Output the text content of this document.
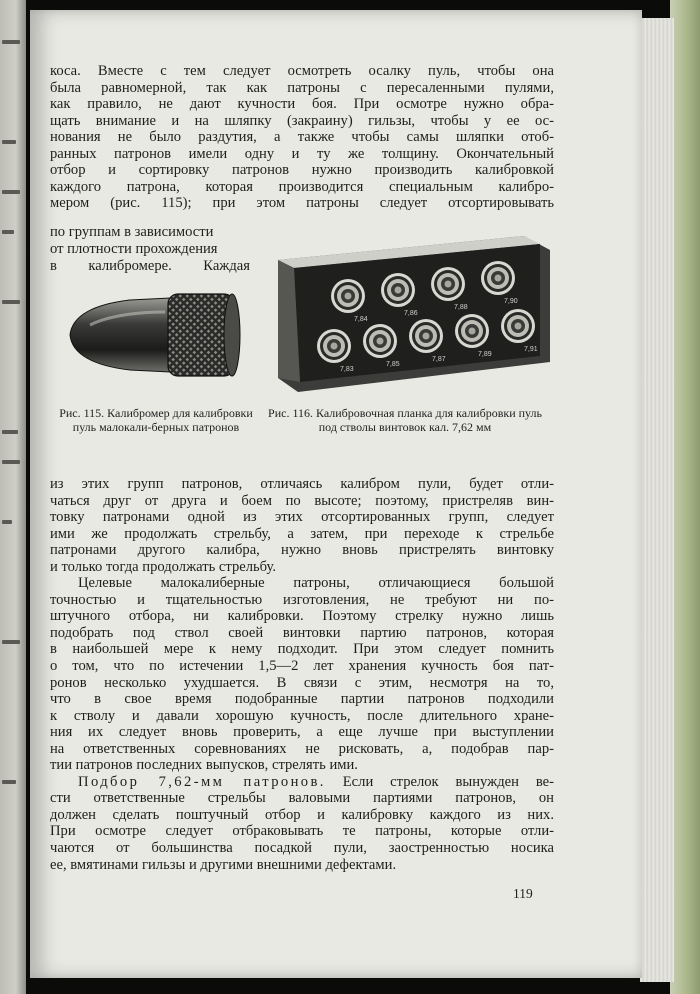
коса. Вместе с тем следует осмотреть осалку пуль, чтобы она
была равномерной, так как патроны с пересаленными пулями,
как правило, не дают кучности боя. При осмотре нужно обра-
щать внимание и на шляпку (закраину) гильзы, чтобы у ее ос-
нования не было раздутия, а также чтобы самы шляпки отоб-
ранных патронов имели одну и ту же толщину. Окончательный
отбор и сортировку патронов нужно производить калибровкой
каждого патрона, которая производится специальным калибро-
мером (рис. 115); при этом патроны следует отсортировывать
по группам в зависимости
от плотности прохождения
в калибромере. Каждая
7,84
7,86
7,88
7,90
7,83
7,85
7,87
7,89
7,91
Рис. 115. Калибромер для калибровки пуль малокали-берных патронов
Рис. 116. Калибровочная планка для калибровки пуль под стволы винтовок кал. 7,62 мм

из этих групп патронов, отличаясь калибром пули, будет отли-
чаться друг от друга и боем по высоте; поэтому, пристреляв вин-
товку патронами одной из этих отсортированных групп, следует
ими же продолжать стрельбу, а затем, при переходе к стрельбе
патронами другого калибра, нужно вновь пристрелять винтовку
и только тогда продолжать стрельбу.

Целевые малокалиберные патроны, отличающиеся большой
точностью и тщательностью изготовления, не требуют ни по-
штучного отбора, ни калибровки. Поэтому стрелку нужно лишь
подобрать под ствол своей винтовки партию патронов, которая
в наибольшей мере к нему подходит. При этом следует помнить
о том, что по истечении 1,5—2 лет хранения кучность боя пат-
ронов несколько ухудшается. В связи с этим, несмотря на то,
что в свое время подобранные партии патронов подходили
к стволу и давали хорошую кучность, после длительного хране-
ния их следует вновь проверить, а еще лучше при выступлении
на ответственных соревнованиях не рисковать, а, подобрав пар-
тии патронов последних выпусков, стрелять ими.

Подбор 7,62-мм патронов. Если стрелок вынужден ве-
сти ответственные стрельбы валовыми партиями патронов, он
должен сделать поштучный отбор и калибровку каждого из них.
При осмотре следует отбраковывать те патроны, которые отли-
чаются от большинства посадкой пули, заостренностью носика
ее, вмятинами гильзы и другими внешними дефектами.

119
